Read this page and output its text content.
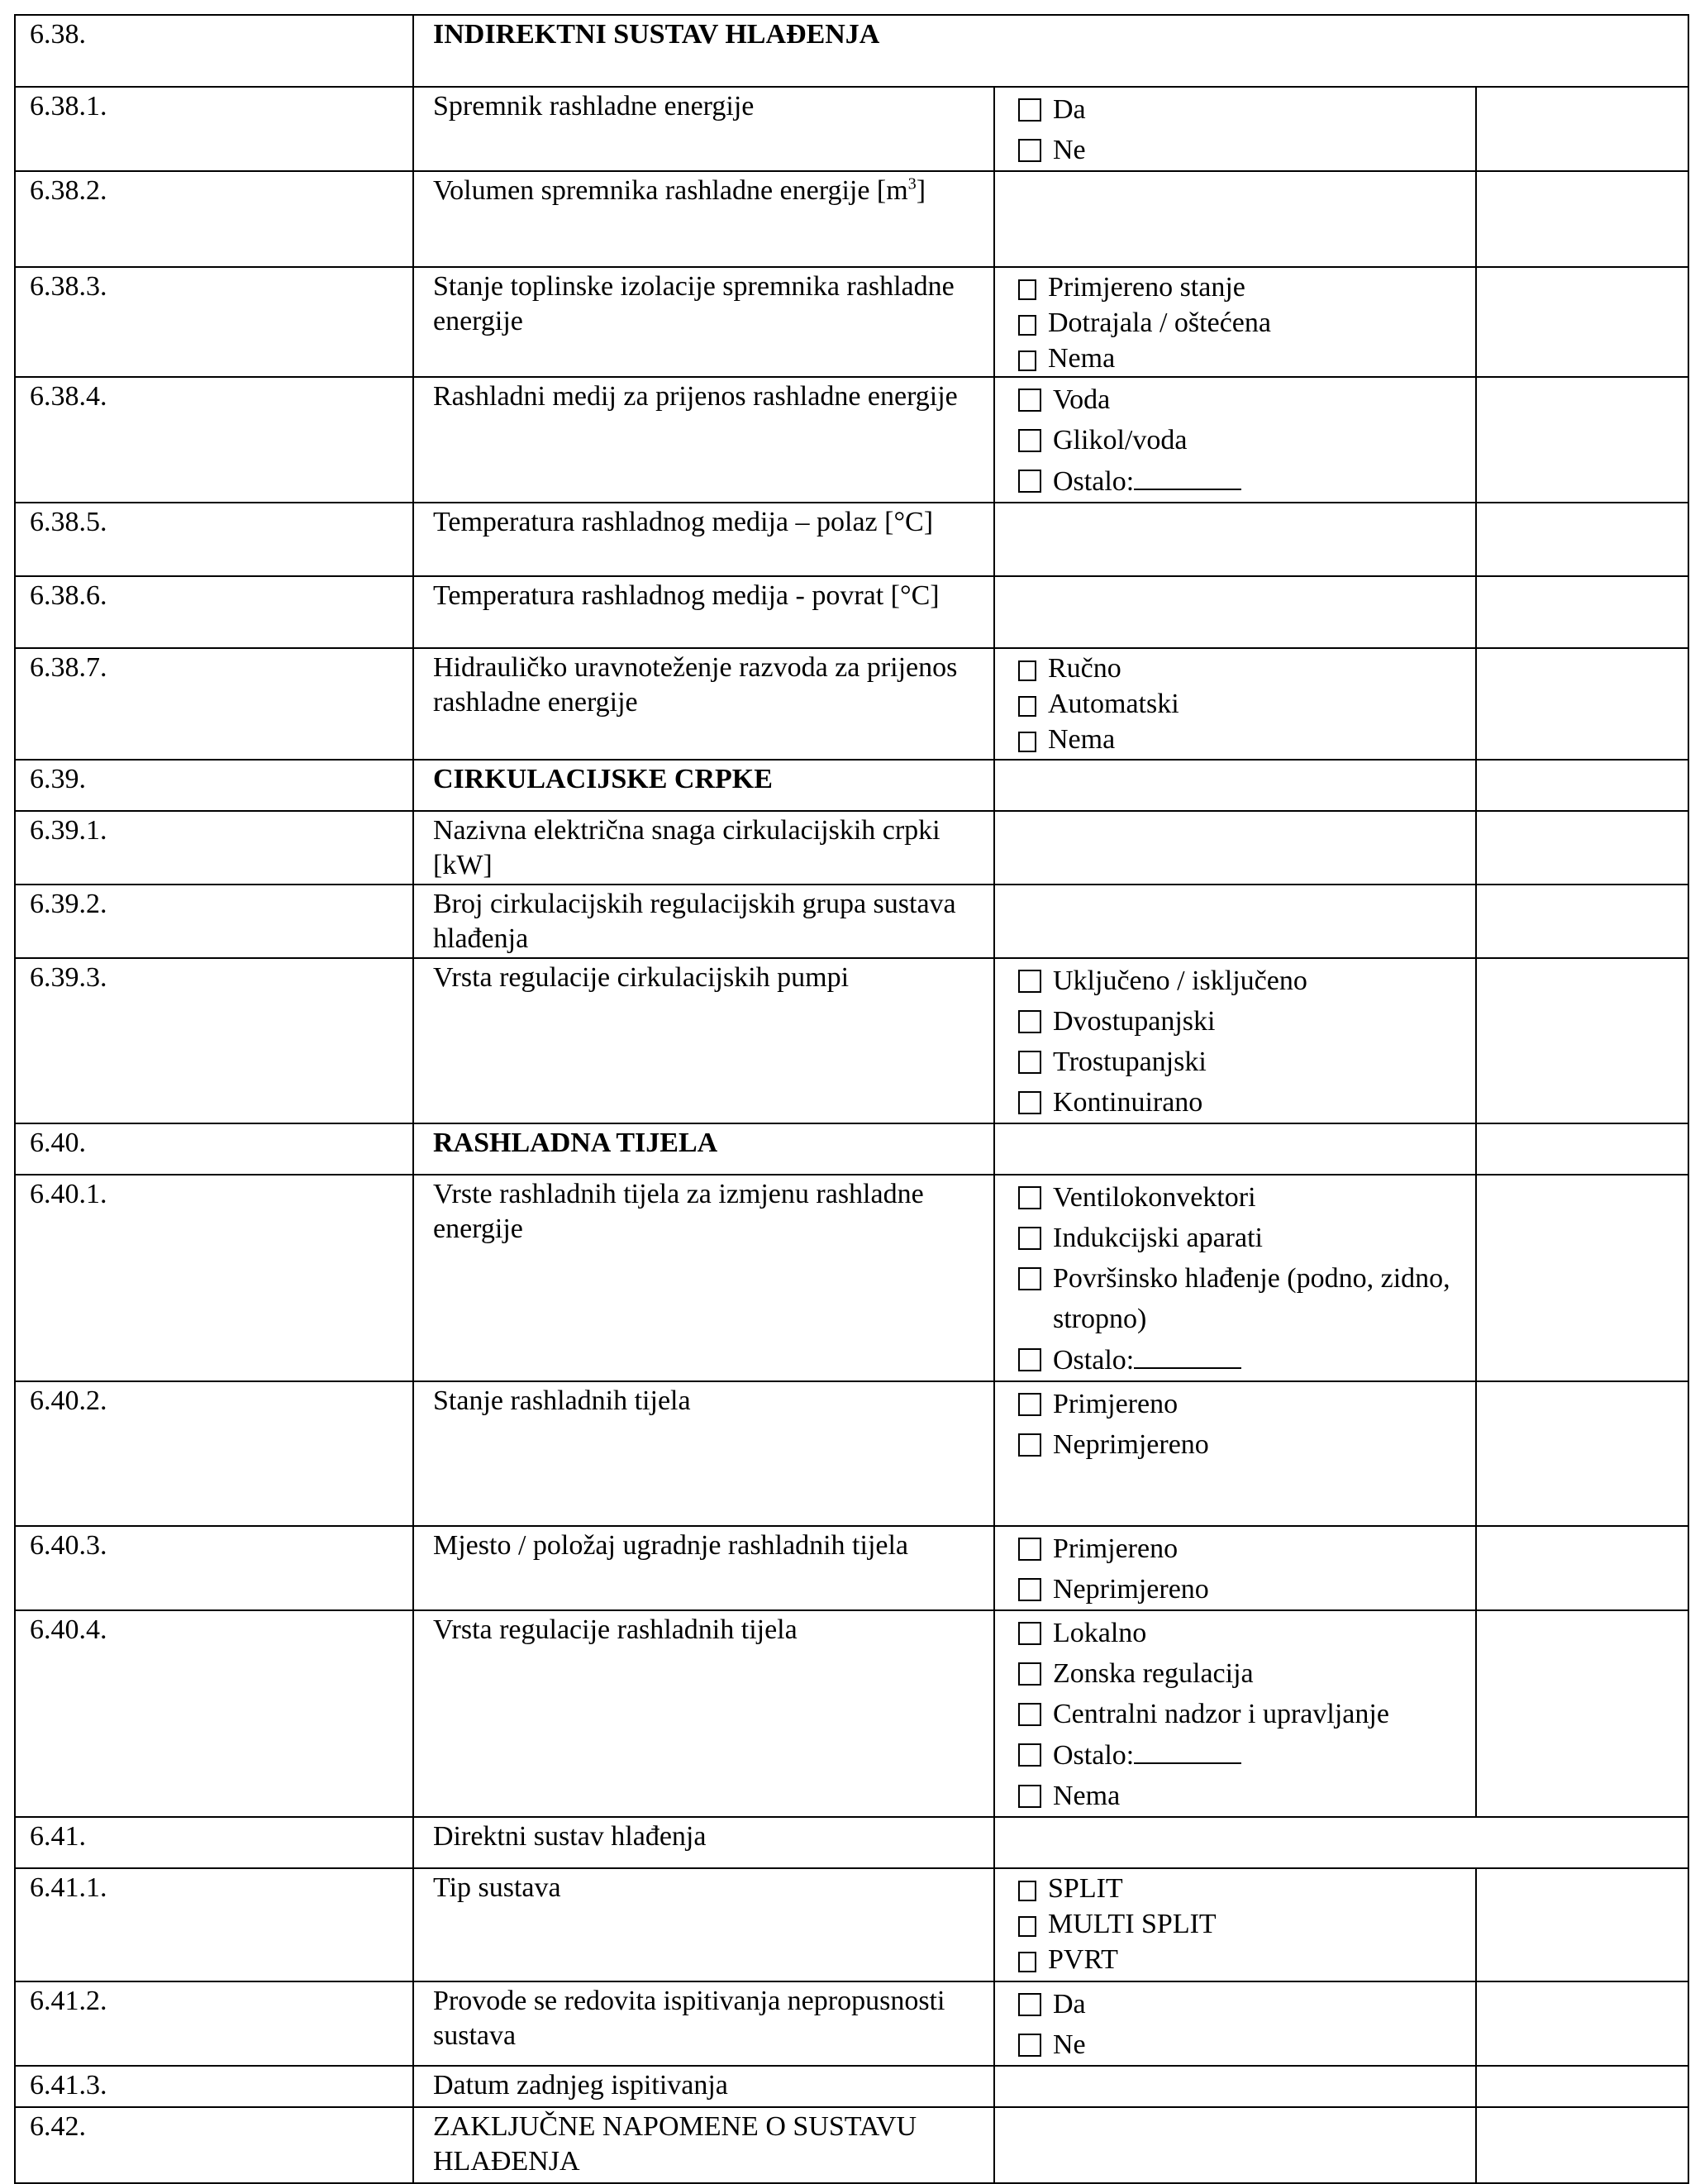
6.38.	INDIREKTNI SUSTAV HLAĐENJA		
6.38.1.	Spremnik rashladne energije	Da
Ne	

6.38.2.	Volumen spremnika rashladne energije $[m^3]$		
6.38.3.	Stanje toplinske izolacije spremnika rashladne energije	Primjereno stanje
Dotrajala / oštećena
Nema	

6.38.4.	Rashladni medij za prijenos rashladne energije	Voda
Glikol/voda
Ostalo:	

6.38.5.	Temperatura rashladnog medija – polaz [°C]		
6.38.6.	Temperatura rashladnog medija - povrat [°C]		
6.38.7.	Hidrauličko uravnoteženje razvoda za prijenos rashladne energije	Ručno
Automatski
Nema	

6.39.	CIRKULACIJSKE CRPKE		
6.39.1.	Nazivna električna snaga cirkulacijskih crpki [kW]		
6.39.2.	Broj cirkulacijskih regulacijskih grupa sustava hlađenja		
6.39.3.	Vrsta regulacije cirkulacijskih pumpi	Uključeno / isključeno
Dvostupanjski
Trostupanjski
Kontinuirano	

6.40.	RASHLADNA TIJELA		
6.40.1.	Vrste rashladnih tijela za izmjenu rashladne energije	Ventilokonvektori
Indukcijski aparati
Površinsko hlađenje (podno, zidno, stropno)
Ostalo:	

6.40.2.	Stanje rashladnih tijela	Primjereno
Neprimjereno	

6.40.3.	Mjesto / položaj ugradnje rashladnih tijela	Primjereno
Neprimjereno	

6.40.4.	Vrsta regulacije rashladnih tijela	Lokalno
Zonska regulacija
Centralni nadzor i upravljanje
Ostalo:
Nema	

6.41.	Direktni sustav hlađenja		
6.41.1.	Tip sustava	SPLIT
MULTI SPLIT
PVRT	

6.41.2.	Provode se redovita ispitivanja nepropusnosti sustava	Da
Ne	

6.41.3.	Datum zadnjeg ispitivanja		
6.42.	ZAKLJUČNE NAPOMENE O SUSTAVU HLAĐENJA		
